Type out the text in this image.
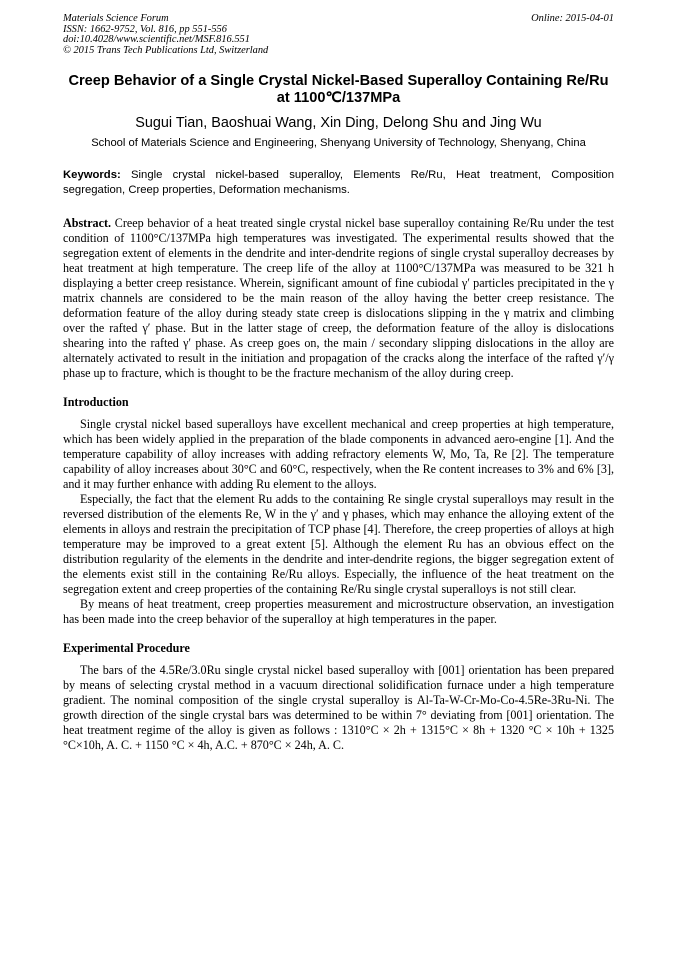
Materials Science Forum
ISSN: 1662-9752, Vol. 816, pp 551-556
doi:10.4028/www.scientific.net/MSF.816.551
© 2015 Trans Tech Publications Ltd, Switzerland
Online: 2015-04-01
Creep Behavior of a Single Crystal Nickel-Based Superalloy Containing Re/Ru at 1100℃/137MPa
Sugui Tian, Baoshuai Wang, Xin Ding, Delong Shu and Jing Wu
School of Materials Science and Engineering, Shenyang University of Technology, Shenyang, China
Keywords: Single crystal nickel-based superalloy, Elements Re/Ru, Heat treatment, Composition segregation, Creep properties, Deformation mechanisms.
Abstract. Creep behavior of a heat treated single crystal nickel base superalloy containing Re/Ru under the test condition of 1100°C/137MPa high temperatures was investigated. The experimental results showed that the segregation extent of elements in the dendrite and inter-dendrite regions of single crystal superalloy decreases by heat treatment at high temperature. The creep life of the alloy at 1100°C/137MPa was measured to be 321 h displaying a better creep resistance. Wherein, significant amount of fine cubiodal γ′ particles precipitated in the γ matrix channels are considered to be the main reason of the alloy having the better creep resistance. The deformation feature of the alloy during steady state creep is dislocations slipping in the γ matrix and climbing over the rafted γ′ phase. But in the latter stage of creep, the deformation feature of the alloy is dislocations shearing into the rafted γ′ phase. As creep goes on, the main / secondary slipping dislocations in the alloy are alternately activated to result in the initiation and propagation of the cracks along the interface of the rafted γ′/γ phase up to fracture, which is thought to be the fracture mechanism of the alloy during creep.
Introduction
Single crystal nickel based superalloys have excellent mechanical and creep properties at high temperature, which has been widely applied in the preparation of the blade components in advanced aero-engine [1]. And the temperature capability of alloy increases with adding refractory elements W, Mo, Ta, Re [2]. The temperature capability of alloy increases about 30°C and 60°C, respectively, when the Re content increases to 3% and 6% [3], and it may further enhance with adding Ru element to the alloys.
Especially, the fact that the element Ru adds to the containing Re single crystal superalloys may result in the reversed distribution of the elements Re, W in the γ′ and γ phases, which may enhance the alloying extent of the elements in alloys and restrain the precipitation of TCP phase [4]. Therefore, the creep properties of alloys at high temperature may be improved to a great extent [5]. Although the element Ru has an obvious effect on the distribution regularity of the elements in the dendrite and inter-dendrite regions, the bigger segregation extent of the elements exist still in the containing Re/Ru alloys. Especially, the influence of the heat treatment on the segregation extent and creep properties of the containing Re/Ru single crystal superalloys is not still clear.
By means of heat treatment, creep properties measurement and microstructure observation, an investigation has been made into the creep behavior of the superalloy at high temperatures in the paper.
Experimental Procedure
The bars of the 4.5Re/3.0Ru single crystal nickel based superalloy with [001] orientation has been prepared by means of selecting crystal method in a vacuum directional solidification furnace under a high temperature gradient. The nominal composition of the single crystal superalloy is Al-Ta-W-Cr-Mo-Co-4.5Re-3Ru-Ni. The growth direction of the single crystal bars was determined to be within 7° deviating from [001] orientation. The heat treatment regime of the alloy is given as follows : 1310°C × 2h + 1315°C × 8h + 1320 °C × 10h + 1325 °C×10h, A. C. + 1150 °C × 4h, A.C. + 870°C × 24h, A. C.
